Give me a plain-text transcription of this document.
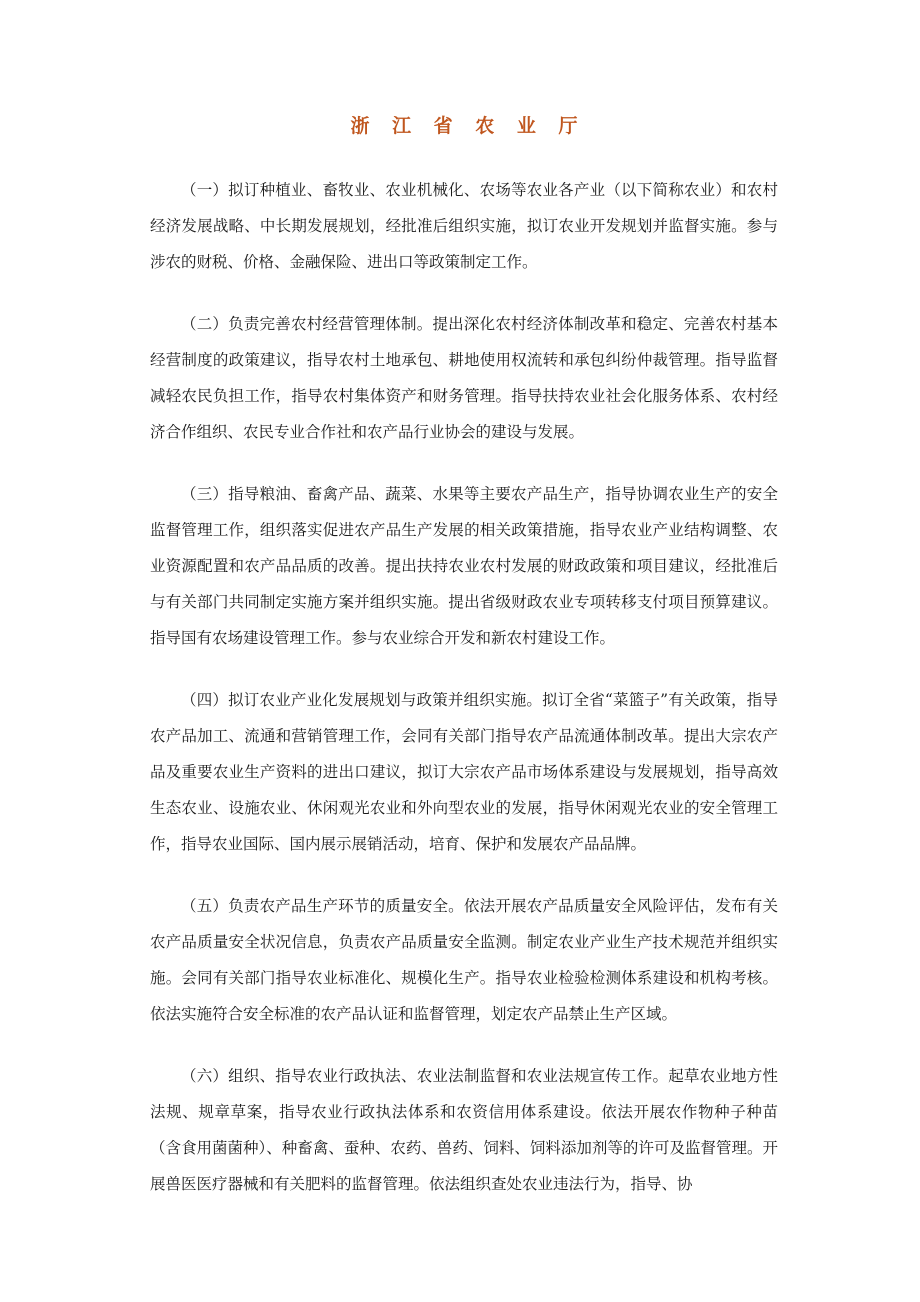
浙 江 省 农 业 厅

（一）拟订种植业、畜牧业、农业机械化、农场等农业各产业（以下简称农业）和农村经济发展战略、中长期发展规划，经批准后组织实施，拟订农业开发规划并监督实施。参与涉农的财税、价格、金融保险、进出口等政策制定工作。

（二）负责完善农村经营管理体制。提出深化农村经济体制改革和稳定、完善农村基本经营制度的政策建议，指导农村土地承包、耕地使用权流转和承包纠纷仲裁管理。指导监督减轻农民负担工作，指导农村集体资产和财务管理。指导扶持农业社会化服务体系、农村经济合作组织、农民专业合作社和农产品行业协会的建设与发展。

（三）指导粮油、畜禽产品、蔬菜、水果等主要农产品生产，指导协调农业生产的安全监督管理工作，组织落实促进农产品生产发展的相关政策措施，指导农业产业结构调整、农业资源配置和农产品品质的改善。提出扶持农业农村发展的财政政策和项目建议，经批准后与有关部门共同制定实施方案并组织实施。提出省级财政农业专项转移支付项目预算建议。指导国有农场建设管理工作。参与农业综合开发和新农村建设工作。

（四）拟订农业产业化发展规划与政策并组织实施。拟订全省“菜篮子”有关政策，指导农产品加工、流通和营销管理工作，会同有关部门指导农产品流通体制改革。提出大宗农产品及重要农业生产资料的进出口建议，拟订大宗农产品市场体系建设与发展规划，指导高效生态农业、设施农业、休闲观光农业和外向型农业的发展，指导休闲观光农业的安全管理工作，指导农业国际、国内展示展销活动，培育、保护和发展农产品品牌。

（五）负责农产品生产环节的质量安全。依法开展农产品质量安全风险评估，发布有关农产品质量安全状况信息，负责农产品质量安全监测。制定农业产业生产技术规范并组织实施。会同有关部门指导农业标准化、规模化生产。指导农业检验检测体系建设和机构考核。依法实施符合安全标准的农产品认证和监督管理，划定农产品禁止生产区域。

（六）组织、指导农业行政执法、农业法制监督和农业法规宣传工作。起草农业地方性法规、规章草案，指导农业行政执法体系和农资信用体系建设。依法开展农作物种子种苗（含食用菌菌种）、种畜禽、蚕种、农药、兽药、饲料、饲料添加剂等的许可及监督管理。开展兽医医疗器械和有关肥料的监督管理。依法组织查处农业违法行为，指导、协
